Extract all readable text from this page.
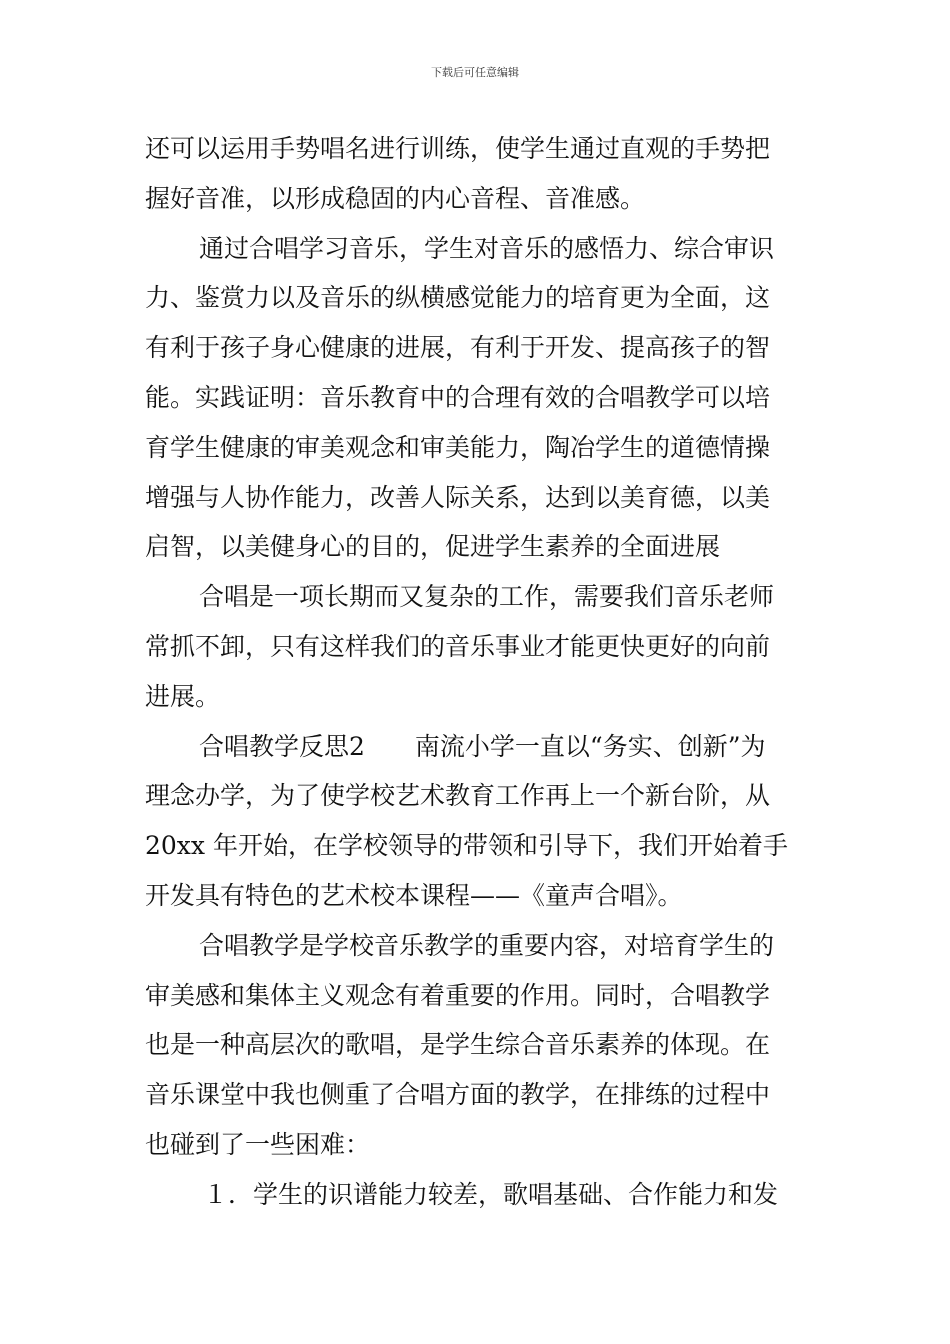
下载后可任意编辑
还可以运用手势唱名进行训练，使学生通过直观的手势把
握好音准，以形成稳固的内心音程、音准感。
通过合唱学习音乐，学生对音乐的感悟力、综合审识
力、鉴赏力以及音乐的纵横感觉能力的培育更为全面，这
有利于孩子身心健康的进展，有利于开发、提高孩子的智
能。实践证明：音乐教育中的合理有效的合唱教学可以培
育学生健康的审美观念和审美能力，陶冶学生的道德情操
增强与人协作能力，改善人际关系，达到以美育德，以美
启智，以美健身心的目的，促进学生素养的全面进展
合唱是一项长期而又复杂的工作，需要我们音乐老师
常抓不卸，只有这样我们的音乐事业才能更快更好的向前
进展。
合唱教学反思2　　南流小学一直以“务实、创新”为
理念办学，为了使学校艺术教育工作再上一个新台阶，从
20xx 年开始，在学校领导的带领和引导下，我们开始着手
开发具有特色的艺术校本课程——《童声合唱》。
合唱教学是学校音乐教学的重要内容，对培育学生的
审美感和集体主义观念有着重要的作用。同时，合唱教学
也是一种高层次的歌唱，是学生综合音乐素养的体现。在
音乐课堂中我也侧重了合唱方面的教学，在排练的过程中
也碰到了一些困难：
１．学生的识谱能力较差，歌唱基础、合作能力和发
